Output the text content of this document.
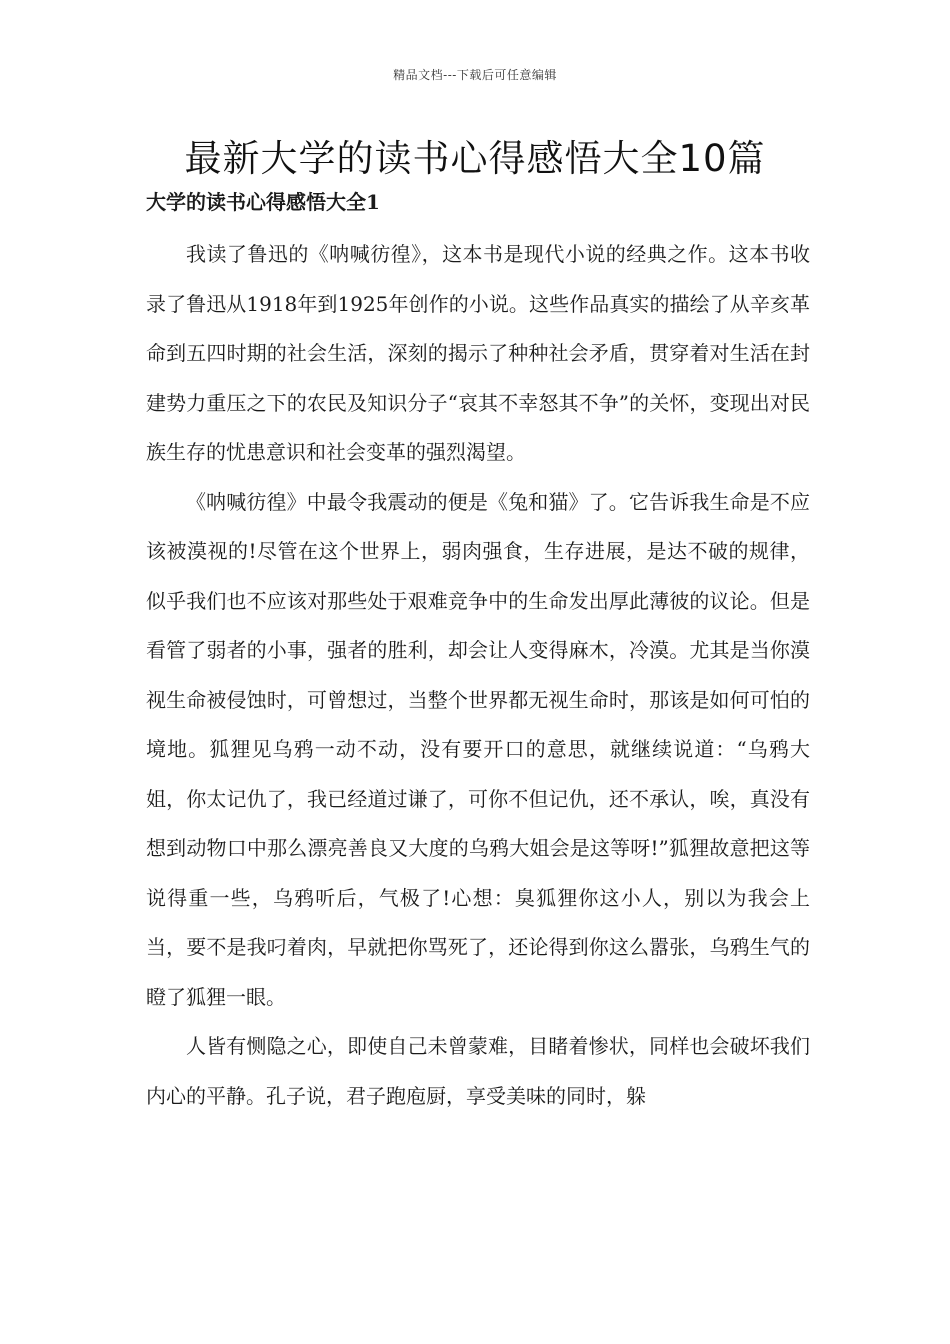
精品文档---下载后可任意编辑
最新大学的读书心得感悟大全10篇
大学的读书心得感悟大全1

我读了鲁迅的《呐喊彷徨》，这本书是现代小说的经典之作。这本书收录了鲁迅从1918年到1925年创作的小说。这些作品真实的描绘了从辛亥革命到五四时期的社会生活，深刻的揭示了种种社会矛盾，贯穿着对生活在封建势力重压之下的农民及知识分子“哀其不幸怒其不争”的关怀，变现出对民族生存的忧患意识和社会变革的强烈渴望。

《呐喊彷徨》中最令我震动的便是《兔和猫》了。它告诉我生命是不应该被漠视的!尽管在这个世界上，弱肉强食，生存进展，是达不破的规律，似乎我们也不应该对那些处于艰难竞争中的生命发出厚此薄彼的议论。但是看管了弱者的小事，强者的胜利，却会让人变得麻木，冷漠。尤其是当你漠视生命被侵蚀时，可曾想过，当整个世界都无视生命时，那该是如何可怕的境地。狐狸见乌鸦一动不动，没有要开口的意思，就继续说道：“乌鸦大姐，你太记仇了，我已经道过谦了，可你不但记仇，还不承认，唉，真没有想到动物口中那么漂亮善良又大度的乌鸦大姐会是这等呀!”狐狸故意把这等说得重一些，乌鸦听后，气极了!心想：臭狐狸你这小人，别以为我会上当，要不是我叼着肉，早就把你骂死了，还论得到你这么嚣张，乌鸦生气的瞪了狐狸一眼。

人皆有恻隐之心，即使自己未曾蒙难，目睹着惨状，同样也会破坏我们内心的平静。孔子说，君子跑庖厨，享受美味的同时，躲
